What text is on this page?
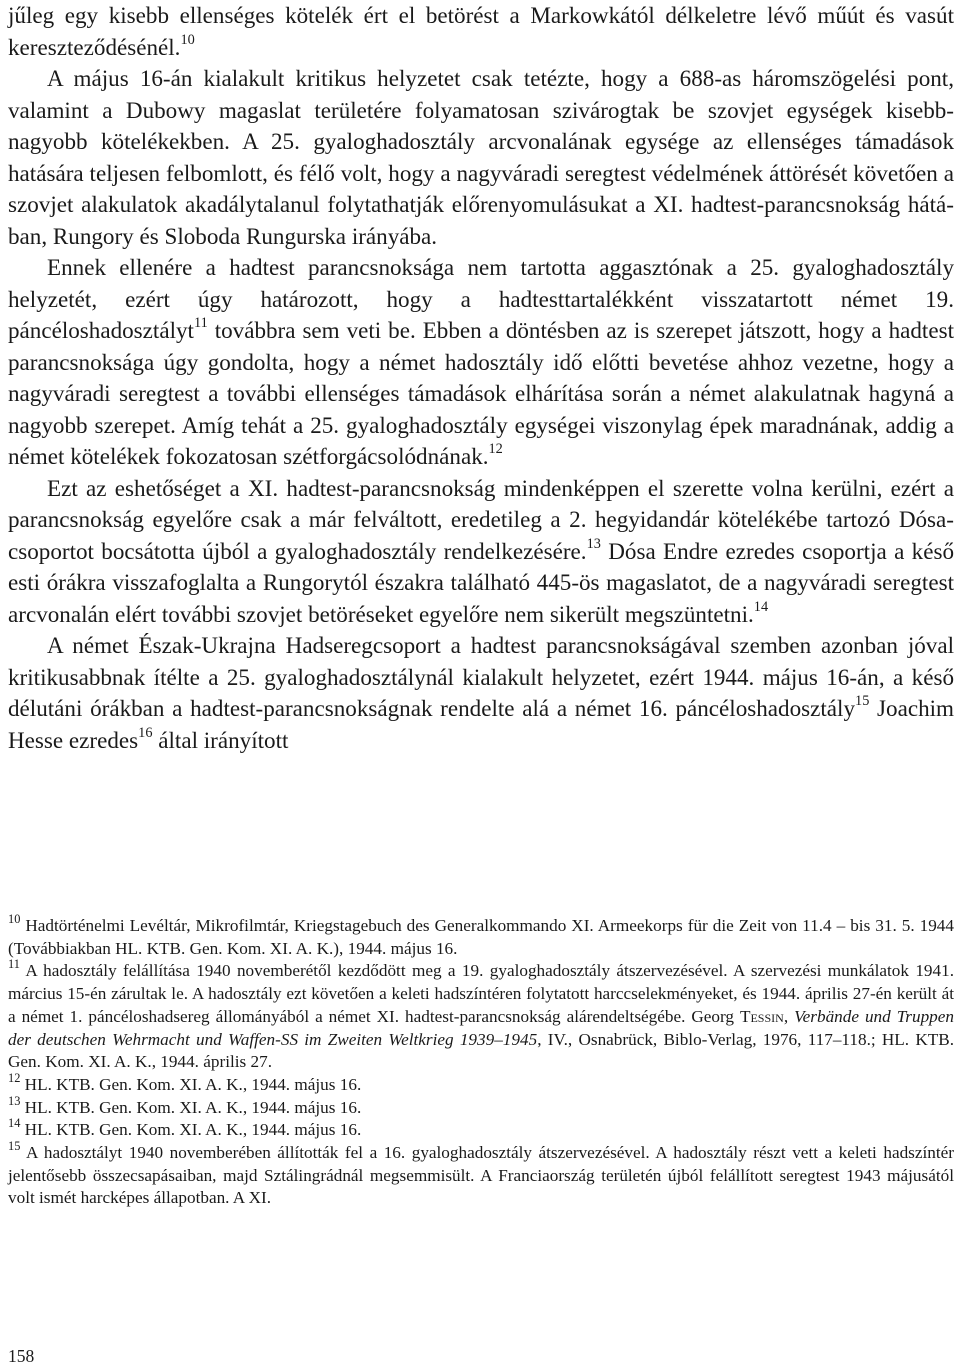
jűleg egy kisebb ellenséges kötelék ért el betörést a Markowkától délkeletre lévő műút és vasút kereszteződésénél.$^{10}$

A május 16-án kialakult kritikus helyzetet csak tetézte, hogy a 688-as háromszögelési pont, valamint a Dubowy magaslat területére folyamatosan szivárogtak be szovjet egységek kisebb-nagyobb kötelékekben. A 25. gyaloghadosztály arcvonalának egysége az ellenséges támadások hatására teljesen felbomlott, és félő volt, hogy a nagyváradi seregtest védelmének áttörését követően a szovjet alakulatok akadálytalanul folytathatják előrenyomulásukat a XI. hadtest-parancsnokság hátában, Rungory és Sloboda Rungurska irányába.

Ennek ellenére a hadtest parancsnoksága nem tartotta aggasztónak a 25. gyaloghadosztály helyzetét, ezért úgy határozott, hogy a hadtesttartalékként visszatartott német 19. páncéloshadosztályt$^{11}$ továbbra sem veti be. Ebben a döntésben az is szerepet játszott, hogy a hadtest parancsnoksága úgy gondolta, hogy a német hadosztály idő előtti bevetése ahhoz vezetne, hogy a nagyváradi seregtest a további ellenséges támadások elhárítása során a német alakulatnak hagyná a nagyobb szerepet. Amíg tehát a 25. gyaloghadosztály egységei viszonylag épek maradnának, addig a német kötelékek fokozatosan szétforgácsolódnának.$^{12}$

Ezt az eshetőséget a XI. hadtest-parancsnokság mindenképpen el szerette volna kerülni, ezért a parancsnokság egyelőre csak a már felváltott, eredetileg a 2. hegyidandár kötelékébe tartozó Dósa-csoportot bocsátotta újból a gyaloghadosztály rendelkezésére.$^{13}$ Dósa Endre ezredes csoportja a késő esti órákra visszafoglalta a Rungorytól északra található 445-ös magaslatot, de a nagyváradi seregtest arcvonalán elért további szovjet betöréseket egyelőre nem sikerült megszüntetni.$^{14}$

A német Észak-Ukrajna Hadseregcsoport a hadtest parancsnokságával szemben azonban jóval kritikusabbnak ítélte a 25. gyaloghadosztálynál kialakult helyzetet, ezért 1944. május 16-án, a késő délutáni órákban a hadtest-parancsnokságnak rendelte alá a német 16. páncéloshadosztály$^{15}$ Joachim Hesse ezredes$^{16}$ által irányított

$^{10}$ Hadtörténelmi Levéltár, Mikrofilmtár, Kriegstagebuch des Generalkommando XI. Armeekorps für die Zeit von 11.4 – bis 31. 5. 1944 (Továbbiakban HL. KTB. Gen. Kom. XI. A. K.), 1944. május 16.

$^{11}$ A hadosztály felállítása 1940 novemberétől kezdődött meg a 19. gyaloghadosztály átszervezésével. A szervezési munkálatok 1941. március 15-én zárultak le. A hadosztály ezt követően a keleti hadszíntéren folytatott harccselekményeket, és 1944. április 27-én került át a német 1. páncéloshadsereg állományából a német XI. hadtest-parancsnokság alárendeltségébe. Georg Tessin, Verbände und Truppen der deutschen Wehrmacht und Waffen-SS im Zweiten Weltkrieg 1939–1945, IV., Osnabrück, Biblo-Verlag, 1976, 117–118.; HL. KTB. Gen. Kom. XI. A. K., 1944. április 27.

$^{12}$ HL. KTB. Gen. Kom. XI. A. K., 1944. május 16.

$^{13}$ HL. KTB. Gen. Kom. XI. A. K., 1944. május 16.

$^{14}$ HL. KTB. Gen. Kom. XI. A. K., 1944. május 16.

$^{15}$ A hadosztályt 1940 novemberében állították fel a 16. gyaloghadosztály átszervezésével. A hadosztály részt vett a keleti hadszíntér jelentősebb összecsapásaiban, majd Sztálingrádnál megsemmisült. A Franciaország területén újból felállított seregtest 1943 májusától volt ismét harcképes állapotban. A XI.

158
